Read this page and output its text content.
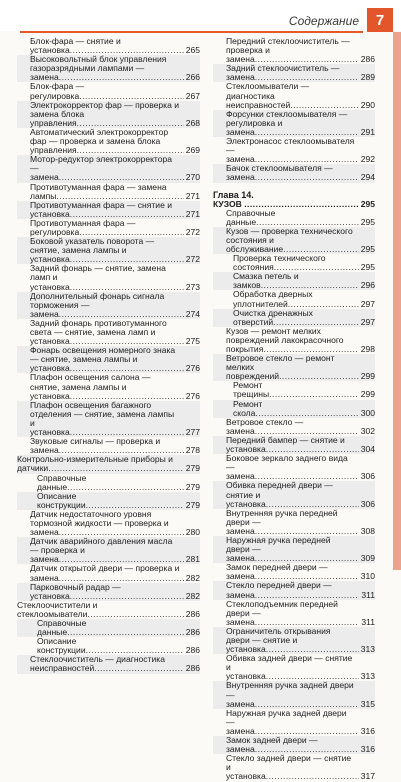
Содержание	7
Блок-фара — снятие и установка .....	265
Высоковольтный блок управления газоразрядными лампами — замена .....	266
Блок-фара — регулировка .....	267
Электрокорректор фар — проверка и замена блока управления .....	268
Автоматический электрокорректор фар — проверка и замена блока управления .....	269
Мотор-редуктор электрокорректора — замена .....	270
Противотуманная фара — замена лампы .....	271
Противотуманная фара — снятие и установка .....	271
Противотуманная фара — регулировка .....	272
Боковой указатель поворота — снятие, замена лампы и установка .....	272
Задний фонарь — снятие, замена ламп и установка .....	273
Дополнительный фонарь сигнала торможения — замена .....	274
Задний фонарь противотуманного света — снятие, замена ламп и установка .....	275
Фонарь освещения номерного знака — снятие, замена лампы и установка .....	276
Плафон освещения салона — снятие, замена лампы и установка .....	276
Плафон освещения багажного отделения — снятие, замена лампы и установка .....	277
Звуковые сигналы — проверка и замена .....	278
Контрольно-измерительные приборы и датчики .....	279
Справочные данные .....	279
Описание конструкции .....	279
Датчик недостаточного уровня тормозной жидкости — проверка и замена .....	280
Датчик аварийного давления масла — проверка и замена .....	281
Датчик открытой двери — проверка и замена .....	282
Парковочный радар — установка .....	282
Стеклоочистители и стеклоомыватели .....	286
Справочные данные .....	286
Описание конструкции .....	286
Стеклоочиститель — диагностика неисправностей .....	286
Передний стеклоочиститель — проверка и замена .....	286
Задний стеклоочиститель — замена .....	289
Стеклоомыватели — диагностика неисправностей .....	290
Форсунки стеклоомывателя — регулировка и замена .....	291
Электронасос стеклоомывателя — замена .....	292
Бачок стеклоомывателя — замена .....	294
Глава 14.
КУЗОВ .....	295
Справочные данные .....	295
Кузов — проверка технического состояния и обслуживание .....	295
Проверка технического состояния .....	295
Смазка петель и замков .....	296
Обработка дверных уплотнителей .....	297
Очистка дренажных отверстий .....	297
Кузов — ремонт мелких повреждений лакокрасочного покрытия .....	298
Ветровое стекло — ремонт мелких повреждений .....	299
Ремонт трещины .....	299
Ремонт скола .....	300
Ветровое стекло — замена .....	302
Передний бампер — снятие и установка .....	304
Боковое зеркало заднего вида — замена .....	306
Обивка передней двери — снятие и установка .....	306
Внутренняя ручка передней двери — замена .....	308
Наружная ручка передней двери — замена .....	309
Замок передней двери — замена .....	310
Стекло передней двери — замена .....	311
Стеклоподъемник передней двери — замена .....	311
Ограничитель открывания двери — снятие и установка .....	313
Обивка задней двери — снятие и установка .....	313
Внутренняя ручка задней двери — замена .....	315
Наружная ручка задней двери — замена .....	316
Замок задней двери — замена .....	316
Стекло задней двери — снятие и установка .....	317
